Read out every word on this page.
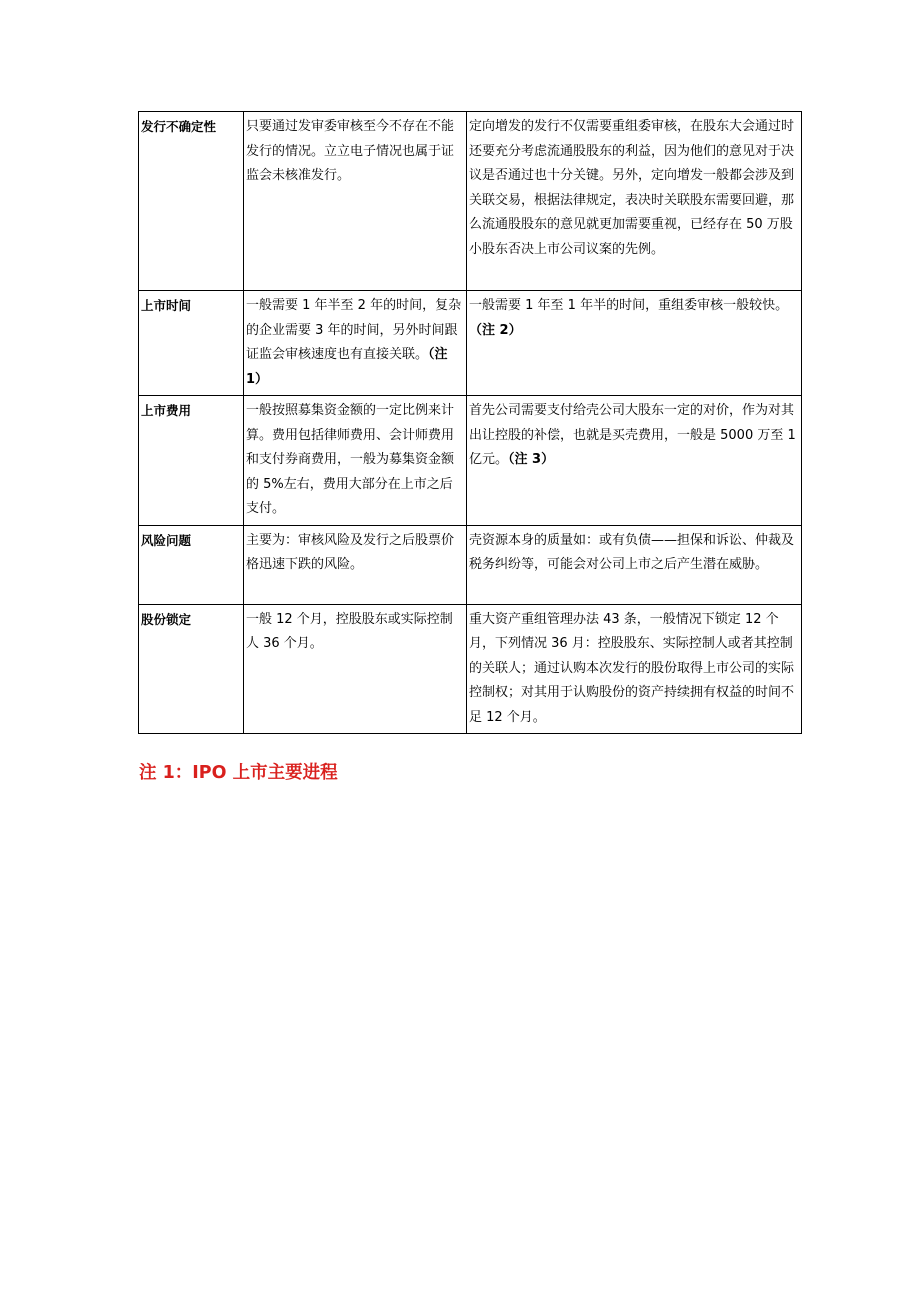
发行不确定性	只要通过发审委审核至今不存在不能发行的情况。立立电子情况也属于证监会未核准发行。	定向增发的发行不仅需要重组委审核，在股东大会通过时还要充分考虑流通股股东的利益，因为他们的意见对于决议是否通过也十分关键。另外，定向增发一般都会涉及到关联交易，根据法律规定，表决时关联股东需要回避，那么流通股股东的意见就更加需要重视，已经存在 50 万股小股东否决上市公司议案的先例。
上市时间	一般需要 1 年半至 2 年的时间，复杂的企业需要 3 年的时间，另外时间跟证监会审核速度也有直接关联。（注 1）	一般需要 1 年至 1 年半的时间，重组委审核一般较快。（注 2）
上市费用	一般按照募集资金额的一定比例来计算。费用包括律师费用、会计师费用和支付券商费用，一般为募集资金额的 5%左右，费用大部分在上市之后支付。	首先公司需要支付给壳公司大股东一定的对价，作为对其出让控股的补偿，也就是买壳费用，一般是 5000 万至 1 亿元。（注 3）
风险问题	主要为：审核风险及发行之后股票价格迅速下跌的风险。	壳资源本身的质量如：或有负债——担保和诉讼、仲裁及税务纠纷等，可能会对公司上市之后产生潜在威胁。
股份锁定	一般 12 个月，控股股东或实际控制人 36 个月。	重大资产重组管理办法 43 条，一般情况下锁定 12 个月，下列情况 36 月：控股股东、实际控制人或者其控制的关联人；通过认购本次发行的股份取得上市公司的实际控制权；对其用于认购股份的资产持续拥有权益的时间不足 12 个月。
注 1：IPO 上市主要进程
